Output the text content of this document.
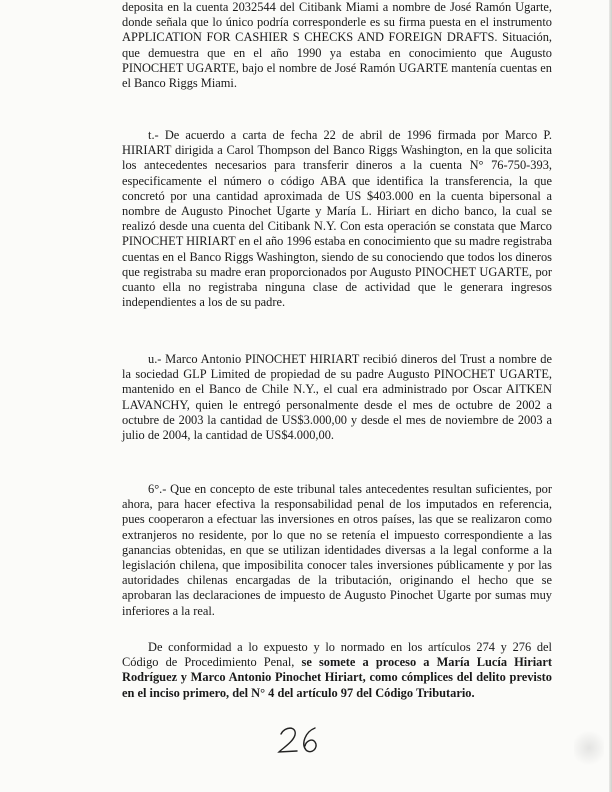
deposita en la cuenta 2032544 del Citibank Miami a nombre de José Ramón Ugarte, donde señala que lo único podría corresponderle es su firma puesta en el instrumento APPLICATION FOR CASHIER S CHECKS AND FOREIGN DRAFTS. Situación, que demuestra que en el año 1990 ya estaba en conocimiento que Augusto PINOCHET UGARTE, bajo el nombre de José Ramón UGARTE mantenía cuentas en el Banco Riggs Miami.

t.- De acuerdo a carta de fecha 22 de abril de 1996 firmada por Marco P. HIRIART dirigida a Carol Thompson del Banco Riggs Washington, en la que solicita los antecedentes necesarios para transferir dineros a la cuenta N° 76-750-393, especificamente el número o código ABA que identifica la transferencia, la que concretó por una cantidad aproximada de US $403.000 en la cuenta bipersonal a nombre de Augusto Pinochet Ugarte y María L. Hiriart en dicho banco, la cual se realizó desde una cuenta del Citibank N.Y. Con esta operación se constata que Marco PINOCHET HIRIART en el año 1996 estaba en conocimiento que su madre registraba cuentas en el Banco Riggs Washington, siendo de su conociendo que todos los dineros que registraba su madre eran proporcionados por Augusto PINOCHET UGARTE, por cuanto ella no registraba ninguna clase de actividad que le generara ingresos independientes a los de su padre.

u.- Marco Antonio PINOCHET HIRIART recibió dineros del Trust a nombre de la sociedad GLP Limited de propiedad de su padre Augusto PINOCHET UGARTE, mantenido en el Banco de Chile N.Y., el cual era administrado por Oscar AITKEN LAVANCHY, quien le entregó personalmente desde el mes de octubre de 2002 a octubre de 2003 la cantidad de US$3.000,00 y desde el mes de noviembre de 2003 a julio de 2004, la cantidad de US$4.000,00.

6°.- Que en concepto de este tribunal tales antecedentes resultan suficientes, por ahora, para hacer efectiva la responsabilidad penal de los imputados en referencia, pues cooperaron a efectuar las inversiones en otros países, las que se realizaron como extranjeros no residente, por lo que no se retenía el impuesto correspondiente a las ganancias obtenidas, en que se utilizan identidades diversas a la legal conforme a la legislación chilena, que imposibilita conocer tales inversiones públicamente y por las autoridades chilenas encargadas de la tributación, originando el hecho que se aprobaran las declaraciones de impuesto de Augusto Pinochet Ugarte por sumas muy inferiores a la real.

De conformidad a lo expuesto y lo normado en los artículos 274 y 276 del Código de Procedimiento Penal, se somete a proceso a María Lucía Hiriart Rodríguez y Marco Antonio Pinochet Hiriart, como cómplices del delito previsto en el inciso primero, del N° 4 del artículo 97 del Código Tributario.
